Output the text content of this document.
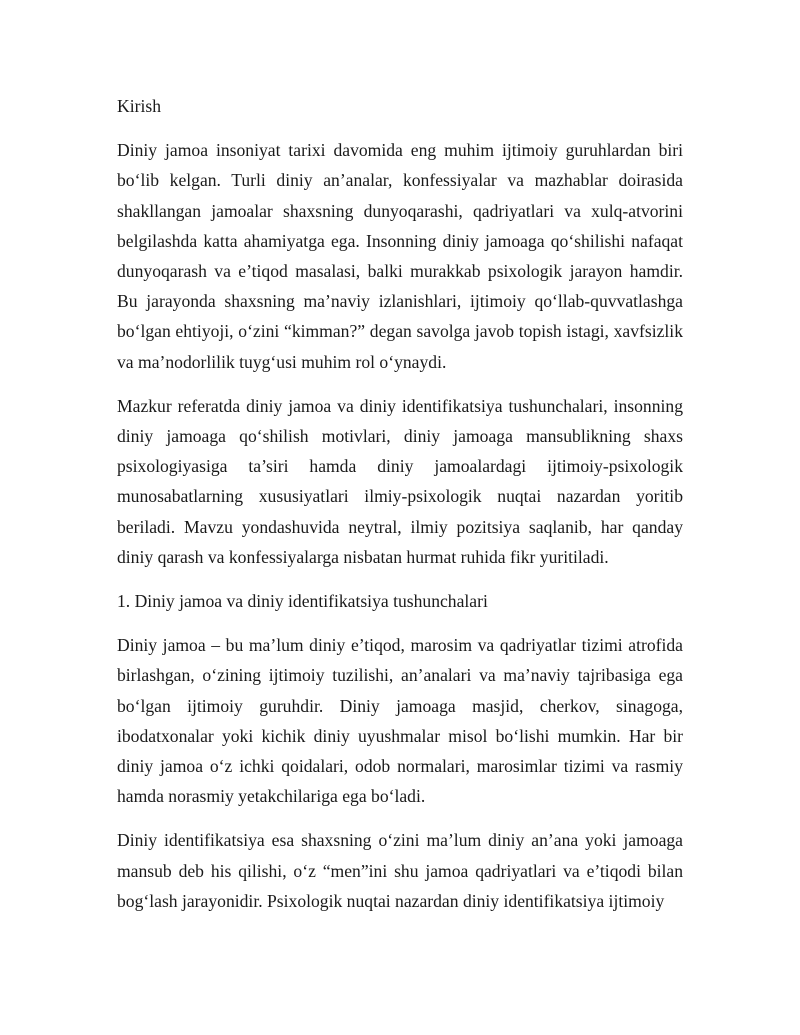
Kirish

Diniy jamoa insoniyat tarixi davomida eng muhim ijtimoiy guruhlardan biri bo‘lib kelgan. Turli diniy an’analar, konfessiyalar va mazhablar doirasida shakllangan jamoalar shaxsning dunyoqarashi, qadriyatlari va xulq-atvorini belgilashda katta ahamiyatga ega. Insonning diniy jamoaga qo‘shilishi nafaqat dunyoqarash va e’tiqod masalasi, balki murakkab psixologik jarayon hamdir. Bu jarayonda shaxsning ma’naviy izlanishlari, ijtimoiy qo‘llab-quvvatlashga bo‘lgan ehtiyoji, o‘zini “kimman?” degan savolga javob topish istagi, xavfsizlik va ma’nodorlilik tuyg‘usi muhim rol o‘ynaydi.

Mazkur referatda diniy jamoa va diniy identifikatsiya tushunchalari, insonning diniy jamoaga qo‘shilish motivlari, diniy jamoaga mansublikning shaxs psixologiyasiga ta’siri hamda diniy jamoalardagi ijtimoiy-psixologik munosabatlarning xususiyatlari ilmiy-psixologik nuqtai nazardan yoritib beriladi. Mavzu yondashuvida neytral, ilmiy pozitsiya saqlanib, har qanday diniy qarash va konfessiyalarga nisbatan hurmat ruhida fikr yuritiladi.

1. Diniy jamoa va diniy identifikatsiya tushunchalari

Diniy jamoa – bu ma’lum diniy e’tiqod, marosim va qadriyatlar tizimi atrofida birlashgan, o‘zining ijtimoiy tuzilishi, an’analari va ma’naviy tajribasiga ega bo‘lgan ijtimoiy guruhdir. Diniy jamoaga masjid, cherkov, sinagoga, ibodatxonalar yoki kichik diniy uyushmalar misol bo‘lishi mumkin. Har bir diniy jamoa o‘z ichki qoidalari, odob normalari, marosimlar tizimi va rasmiy hamda norasmiy yetakchilariga ega bo‘ladi.

Diniy identifikatsiya esa shaxsning o‘zini ma’lum diniy an’ana yoki jamoaga mansub deb his qilishi, o‘z “men”ini shu jamoa qadriyatlari va e’tiqodi bilan bog‘lash jarayonidir. Psixologik nuqtai nazardan diniy identifikatsiya ijtimoiy
